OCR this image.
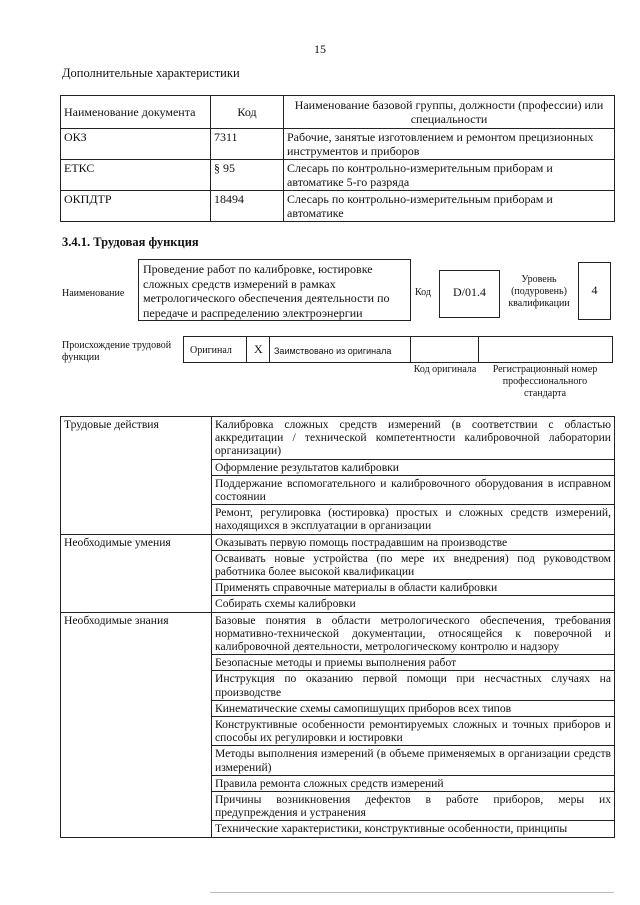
15
Дополнительные характеристики
Наименование документа	Код	Наименование базовой группы, должности (профессии) или специальности
ОКЗ	7311	Рабочие, занятые изготовлением и ремонтом прецизионных инструментов и приборов
ЕТКС	§ 95	Слесарь по контрольно-измерительным приборам и автоматике 5-го разряда
ОКПДТР	18494	Слесарь по контрольно-измерительным приборам и автоматике
3.4.1. Трудовая функция
Наименование
Проведение работ по калибровке, юстировке сложных средств измерений в рамках метрологического обеспечения деятельности по передаче и распределению электроэнергии
Код	D/01.4
Уровень (подуровень) квалификации
4
Происхождение трудовой функции
Оригинал X Заимствовано из оригинала
Код оригинала	Регистрационный номер профессионального стандарта
Трудовые действия	Калибровка сложных средств измерений (в соответствии с областью аккредитации / технической компетентности калибровочной лаборатории организации)
	Оформление результатов калибровки
	Поддержание вспомогательного и калибровочного оборудования в исправном состоянии
	Ремонт, регулировка (юстировка) простых и сложных средств измерений, находящихся в эксплуатации в организации
Необходимые умения	Оказывать первую помощь пострадавшим на производстве
	Осваивать новые устройства (по мере их внедрения) под руководством работника более высокой квалификации
	Применять справочные материалы в области калибровки
	Собирать схемы калибровки
Необходимые знания	Базовые понятия в области метрологического обеспечения, требования нормативно-технической документации, относящейся к поверочной и калибровочной деятельности, метрологическому контролю и надзору
	Безопасные методы и приемы выполнения работ
	Инструкция по оказанию первой помощи при несчастных случаях на производстве
	Кинематические схемы самопишущих приборов всех типов
	Конструктивные особенности ремонтируемых сложных и точных приборов и способы их регулировки и юстировки
	Методы выполнения измерений (в объеме применяемых в организации средств измерений)
	Правила ремонта сложных средств измерений
	Причины возникновения дефектов в работе приборов, меры их предупреждения и устранения
	Технические характеристики, конструктивные особенности, принципы
